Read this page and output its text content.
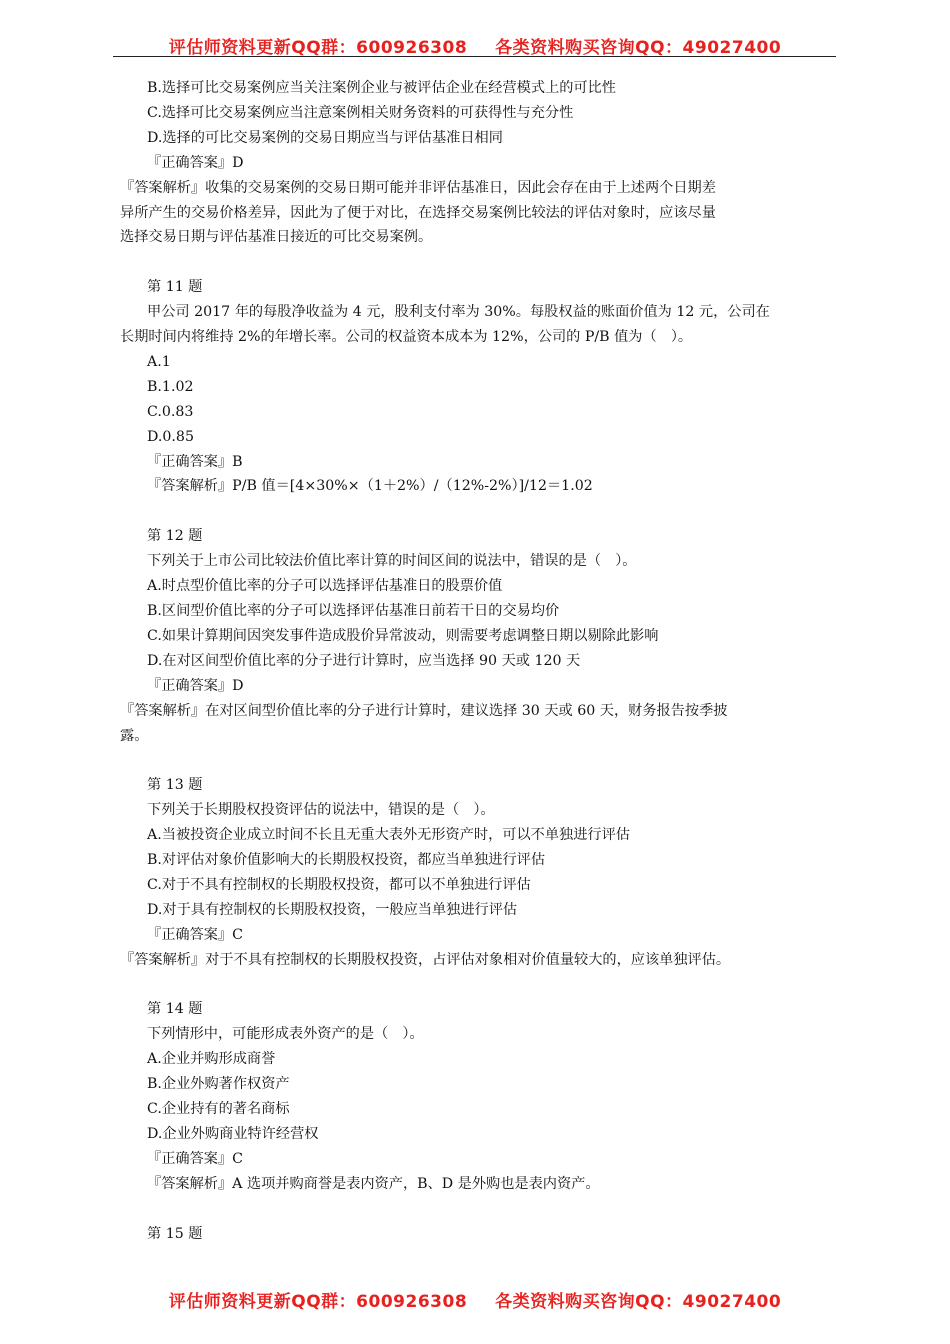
评估师资料更新QQ群：600926308 各类资料购买咨询QQ：49027400
B.选择可比交易案例应当关注案例企业与被评估企业在经营模式上的可比性
C.选择可比交易案例应当注意案例相关财务资料的可获得性与充分性
D.选择的可比交易案例的交易日期应当与评估基准日相同
『正确答案』D
『答案解析』收集的交易案例的交易日期可能并非评估基准日，因此会存在由于上述两个日期差
异所产生的交易价格差异，因此为了便于对比，在选择交易案例比较法的评估对象时，应该尽量
选择交易日期与评估基准日接近的可比交易案例。
第 11 题
甲公司 2017 年的每股净收益为 4 元，股利支付率为 30%。每股权益的账面价值为 12 元，公司在
长期时间内将维持 2%的年增长率。公司的权益资本成本为 12%，公司的 P/B 值为（　）。
A.1
B.1.02
C.0.83
D.0.85
『正确答案』B
『答案解析』P/B 值＝[4×30%×（1＋2%）/（12%-2%）]/12＝1.02
第 12 题
下列关于上市公司比较法价值比率计算的时间区间的说法中，错误的是（　）。
A.时点型价值比率的分子可以选择评估基准日的股票价值
B.区间型价值比率的分子可以选择评估基准日前若干日的交易均价
C.如果计算期间因突发事件造成股价异常波动，则需要考虑调整日期以剔除此影响
D.在对区间型价值比率的分子进行计算时，应当选择 90 天或 120 天
『正确答案』D
『答案解析』在对区间型价值比率的分子进行计算时，建议选择 30 天或 60 天，财务报告按季披
露。
第 13 题
下列关于长期股权投资评估的说法中，错误的是（　）。
A.当被投资企业成立时间不长且无重大表外无形资产时，可以不单独进行评估
B.对评估对象价值影响大的长期股权投资，都应当单独进行评估
C.对于不具有控制权的长期股权投资，都可以不单独进行评估
D.对于具有控制权的长期股权投资，一般应当单独进行评估
『正确答案』C
『答案解析』对于不具有控制权的长期股权投资，占评估对象相对价值量较大的，应该单独评估。
第 14 题
下列情形中，可能形成表外资产的是（　）。
A.企业并购形成商誉
B.企业外购著作权资产
C.企业持有的著名商标
D.企业外购商业特许经营权
『正确答案』C
『答案解析』A 选项并购商誉是表内资产，B、D 是外购也是表内资产。
第 15 题
评估师资料更新QQ群：600926308 各类资料购买咨询QQ：49027400
